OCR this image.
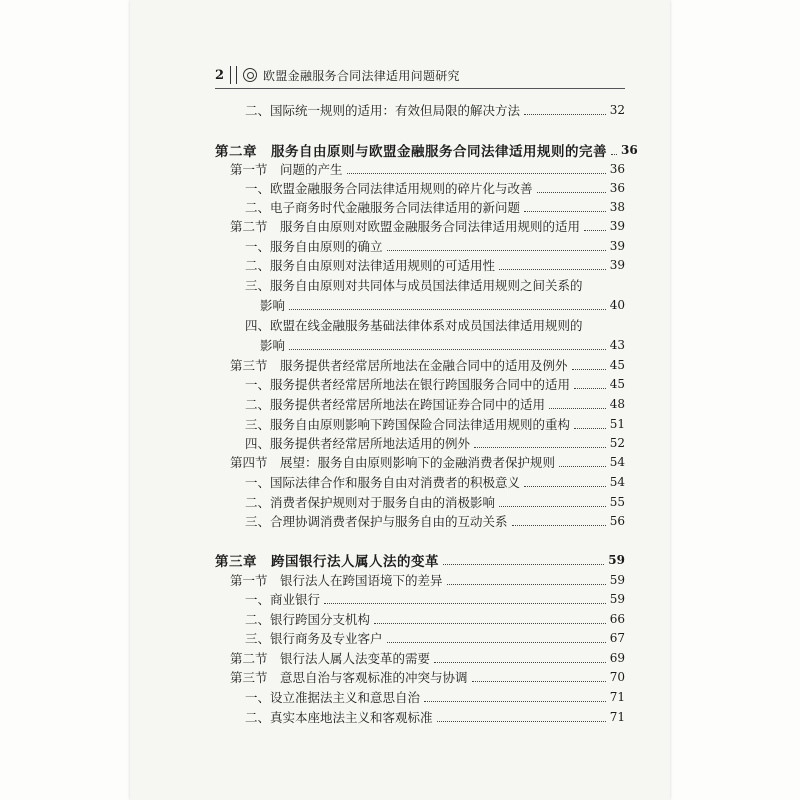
2	欧盟金融服务合同法律适用问题研究
二、国际统一规则的适用：有效但局限的解决方法	32
第二章　服务自由原则与欧盟金融服务合同法律适用规则的完善 36
第一节　问题的产生	36
一、欧盟金融服务合同法律适用规则的碎片化与改善	36
二、电子商务时代金融服务合同法律适用的新问题	38
第二节　服务自由原则对欧盟金融服务合同法律适用规则的适用 39
一、服务自由原则的确立	39
二、服务自由原则对法律适用规则的可适用性	39
三、服务自由原则对共同体与成员国法律适用规则之间关系的
影响	40
四、欧盟在线金融服务基础法律体系对成员国法律适用规则的
影响	43
第三节　服务提供者经常居所地法在金融合同中的适用及例外	45
一、服务提供者经常居所地法在银行跨国服务合同中的适用	45
二、服务提供者经常居所地法在跨国证券合同中的适用	48
三、服务自由原则影响下跨国保险合同法律适用规则的重构	51
四、服务提供者经常居所地法适用的例外	52
第四节　展望：服务自由原则影响下的金融消费者保护规则	54
一、国际法律合作和服务自由对消费者的积极意义	54
二、消费者保护规则对于服务自由的消极影响	55
三、合理协调消费者保护与服务自由的互动关系	56
第三章　跨国银行法人属人法的变革	59
第一节　银行法人在跨国语境下的差异	59
一、商业银行	59
二、银行跨国分支机构	66
三、银行商务及专业客户	67
第二节　银行法人属人法变革的需要	69
第三节　意思自治与客观标准的冲突与协调	70
一、设立准据法主义和意思自治	71
二、真实本座地法主义和客观标准	71
